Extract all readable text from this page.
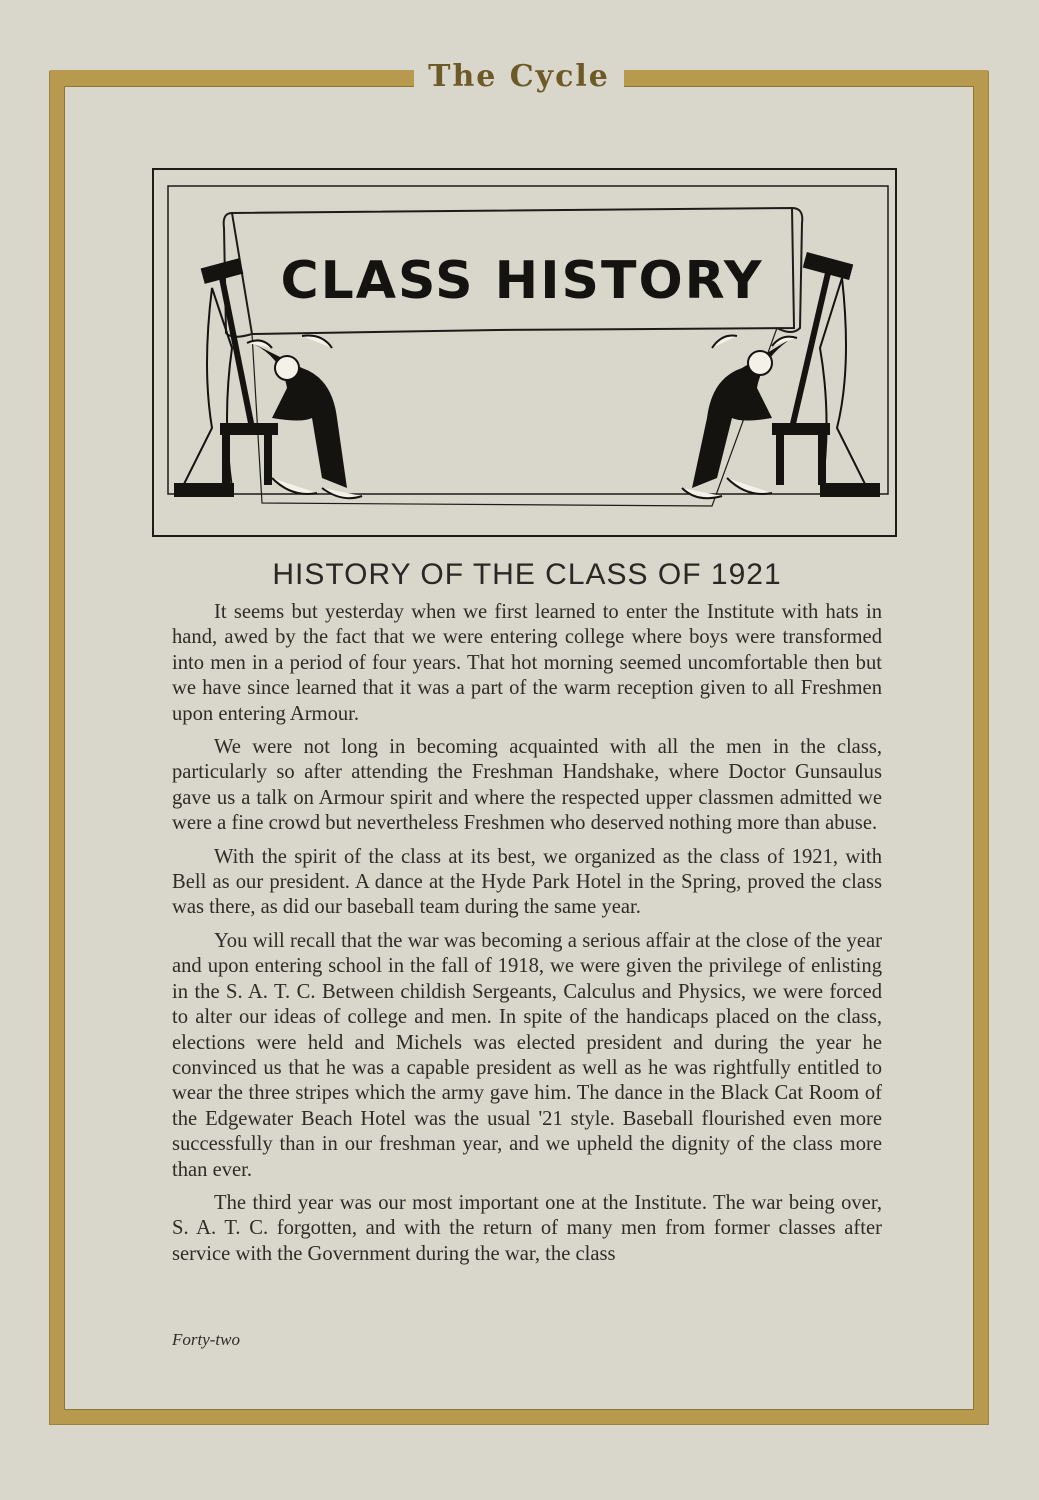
The Cycle
CLASS HISTORY
HISTORY OF THE CLASS OF 1921

It seems but yesterday when we first learned to enter the Institute with hats in hand, awed by the fact that we were entering college where boys were transformed into men in a period of four years. That hot morning seemed uncomfortable then but we have since learned that it was a part of the warm reception given to all Freshmen upon entering Armour.

We were not long in becoming acquainted with all the men in the class, particularly so after attending the Freshman Handshake, where Doctor Gunsaulus gave us a talk on Armour spirit and where the respected upper classmen admitted we were a fine crowd but nevertheless Freshmen who deserved nothing more than abuse.

With the spirit of the class at its best, we organized as the class of 1921, with Bell as our president. A dance at the Hyde Park Hotel in the Spring, proved the class was there, as did our baseball team during the same year.

You will recall that the war was becoming a serious affair at the close of the year and upon entering school in the fall of 1918, we were given the privilege of enlisting in the S. A. T. C. Between childish Sergeants, Calculus and Physics, we were forced to alter our ideas of college and men. In spite of the handicaps placed on the class, elections were held and Michels was elected president and during the year he convinced us that he was a capable president as well as he was rightfully entitled to wear the three stripes which the army gave him. The dance in the Black Cat Room of the Edgewater Beach Hotel was the usual '21 style. Baseball flourished even more successfully than in our freshman year, and we upheld the dignity of the class more than ever.

The third year was our most important one at the Institute. The war being over, S. A. T. C. forgotten, and with the return of many men from former classes after service with the Government during the war, the class

Forty-two
